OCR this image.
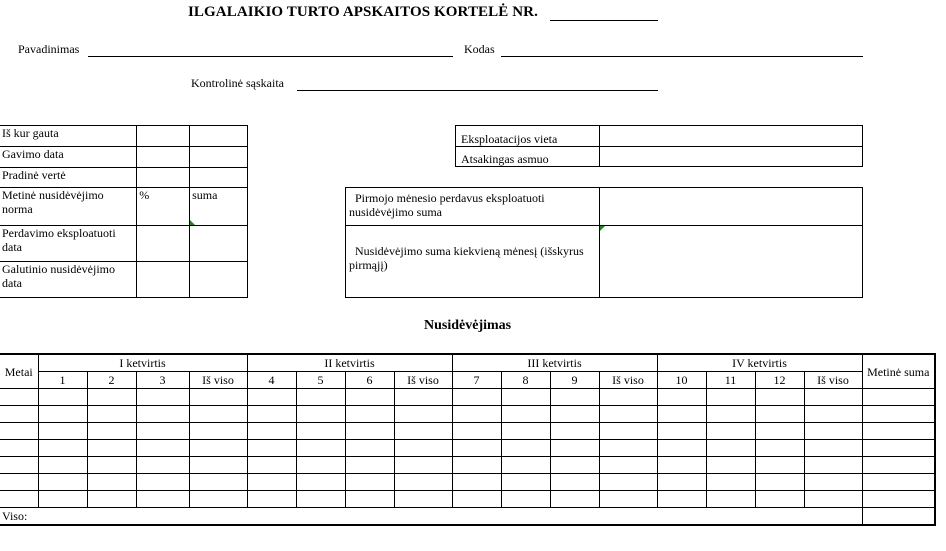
ILGALAIKIO TURTO APSKAITOS KORTELĖ NR.
Pavadinimas	Kodas
Kontrolinė sąskaita
Iš kur gauta		
Gavimo data		
Pradinė vertė		
Metinė nusidėvėjimo norma	%	suma
Perdavimo eksploatuoti data		
Galutinio nusidėvėjimo data		
Eksploatacijos vieta	
Atsakingas asmuo	
Pirmojo mėnesio perdavus eksploatuoti nusidėvėjimo suma	
Nusidėvėjimo suma kiekvieną mėnesį (išskyrus pirmąjį)	
Nusidėvėjimas
Metai	I ketvirtis				II ketvirtis				III ketvirtis				IV ketvirtis				Metinė suma
	1	2	3	Iš viso	4	5	6	Iš viso	7	8	9	Iš viso	10	11	12	Iš viso	

Viso:																	
